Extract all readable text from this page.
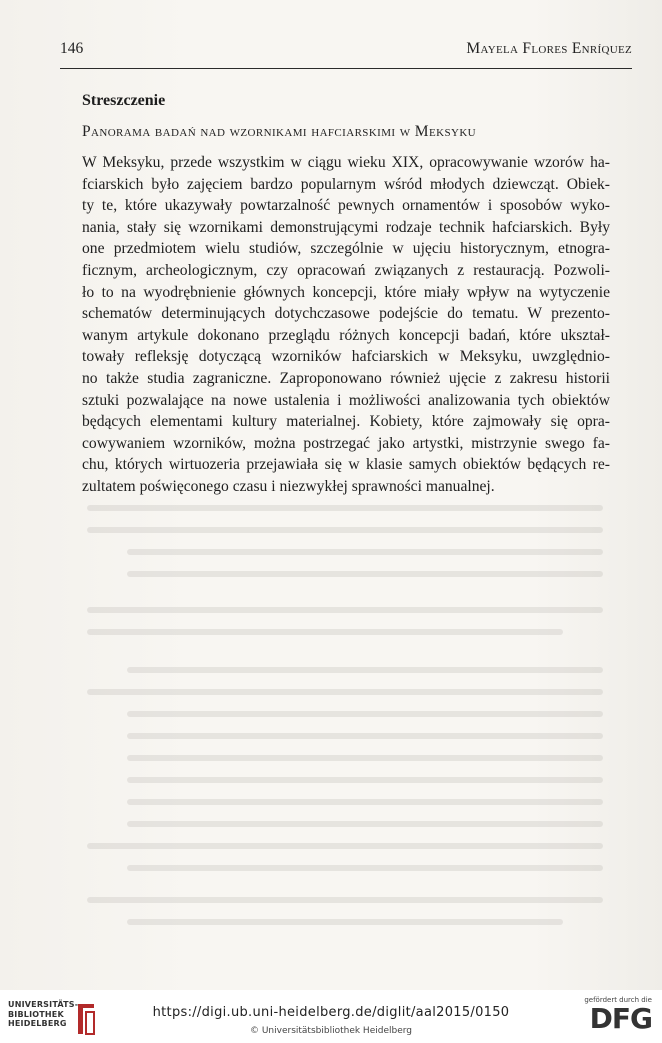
146	Mayela Flores Enríquez
Streszczenie
Panorama badań nad wzornikami hafciarskimi w Meksyku
W Meksyku, przede wszystkim w ciągu wieku XIX, opracowywanie wzorów ha-
fciarskich było zajęciem bardzo popularnym wśród młodych dziewcząt. Obiek-
ty te, które ukazywały powtarzalność pewnych ornamentów i sposobów wyko-
nania, stały się wzornikami demonstrującymi rodzaje technik hafciarskich. Były
one przedmiotem wielu studiów, szczególnie w ujęciu historycznym, etnogra-
ficznym, archeologicznym, czy opracowań związanych z restauracją. Pozwoli-
ło to na wyodrębnienie głównych koncepcji, które miały wpływ na wytyczenie
schematów determinujących dotychczasowe podejście do tematu. W prezento-
wanym artykule dokonano przeglądu różnych koncepcji badań, które ukształ-
towały refleksję dotyczącą wzorników hafciarskich w Meksyku, uwzględnio-
no także studia zagraniczne. Zaproponowano również ujęcie z zakresu historii
sztuki pozwalające na nowe ustalenia i możliwości analizowania tych obiektów
będących elementami kultury materialnej. Kobiety, które zajmowały się opra-
cowywaniem wzorników, można postrzegać jako artystki, mistrzynie swego fa-
chu, których wirtuozeria przejawiała się w klasie samych obiektów będących re-
zultatem poświęconego czasu i niezwykłej sprawności manualnej.
UNIVERSITÄTS-
BIBLIOTHEK
HEIDELBERG
https://digi.ub.uni-heidelberg.de/diglit/aal2015/0150
© Universitätsbibliothek Heidelberg
gefördert durch die
DFG
